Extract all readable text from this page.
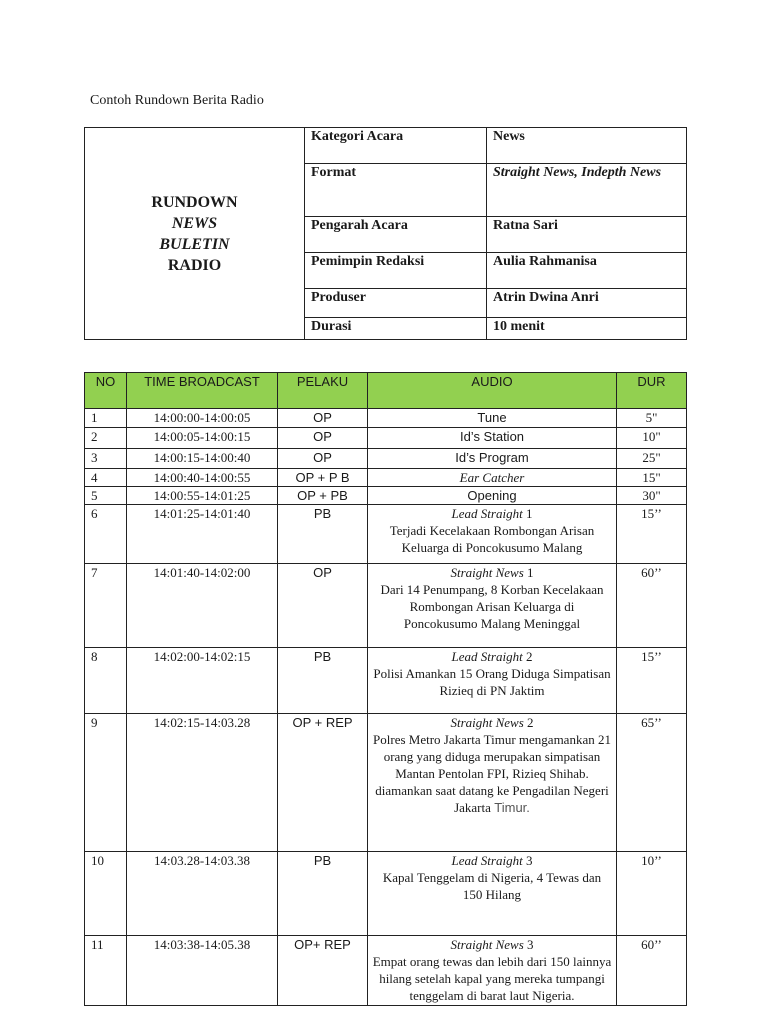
Contoh Rundown Berita Radio
RUNDOWN
NEWS
BULETIN
RADIO	Kategori Acara	News
	Format	Straight News, Indepth News
	Pengarah Acara	Ratna Sari
	Pemimpin Redaksi	Aulia Rahmanisa
	Produser	Atrin Dwina Anri
	Durasi	10 menit
NO	TIME BROADCAST	PELAKU	AUDIO	DUR
1	14:00:00-14:00:05	OP	Tune	5"
2	14:00:05-14:00:15	OP	Id’s Station	10"
3	14:00:15-14:00:40	OP	Id’s Program	25"
4	14:00:40-14:00:55	OP + P B	Ear Catcher	15"
5	14:00:55-14:01:25	OP + PB	Opening	30"
6	14:01:25-14:01:40	PB	Lead Straight 1
Terjadi Kecelakaan Rombongan Arisan Keluarga di Poncokusumo Malang	15’’
7	14:01:40-14:02:00	OP	Straight News 1
Dari 14 Penumpang, 8 Korban Kecelakaan Rombongan Arisan Keluarga di Poncokusumo Malang Meninggal	60’’
8	14:02:00-14:02:15	PB	Lead Straight 2
Polisi Amankan 15 Orang Diduga Simpatisan Rizieq di PN Jaktim	15’’
9	14:02:15-14:03.28	OP + REP	Straight News 2
Polres Metro Jakarta Timur mengamankan 21 orang yang diduga merupakan simpatisan Mantan Pentolan FPI, Rizieq Shihab. diamankan saat datang ke Pengadilan Negeri Jakarta Timur.	65’’
10	14:03.28-14:03.38	PB	Lead Straight 3
Kapal Tenggelam di Nigeria, 4 Tewas dan 150 Hilang	10’’
11	14:03:38-14:05.38	OP+ REP	Straight News 3
Empat orang tewas dan lebih dari 150 lainnya hilang setelah kapal yang mereka tumpangi tenggelam di barat laut Nigeria.	60’’
